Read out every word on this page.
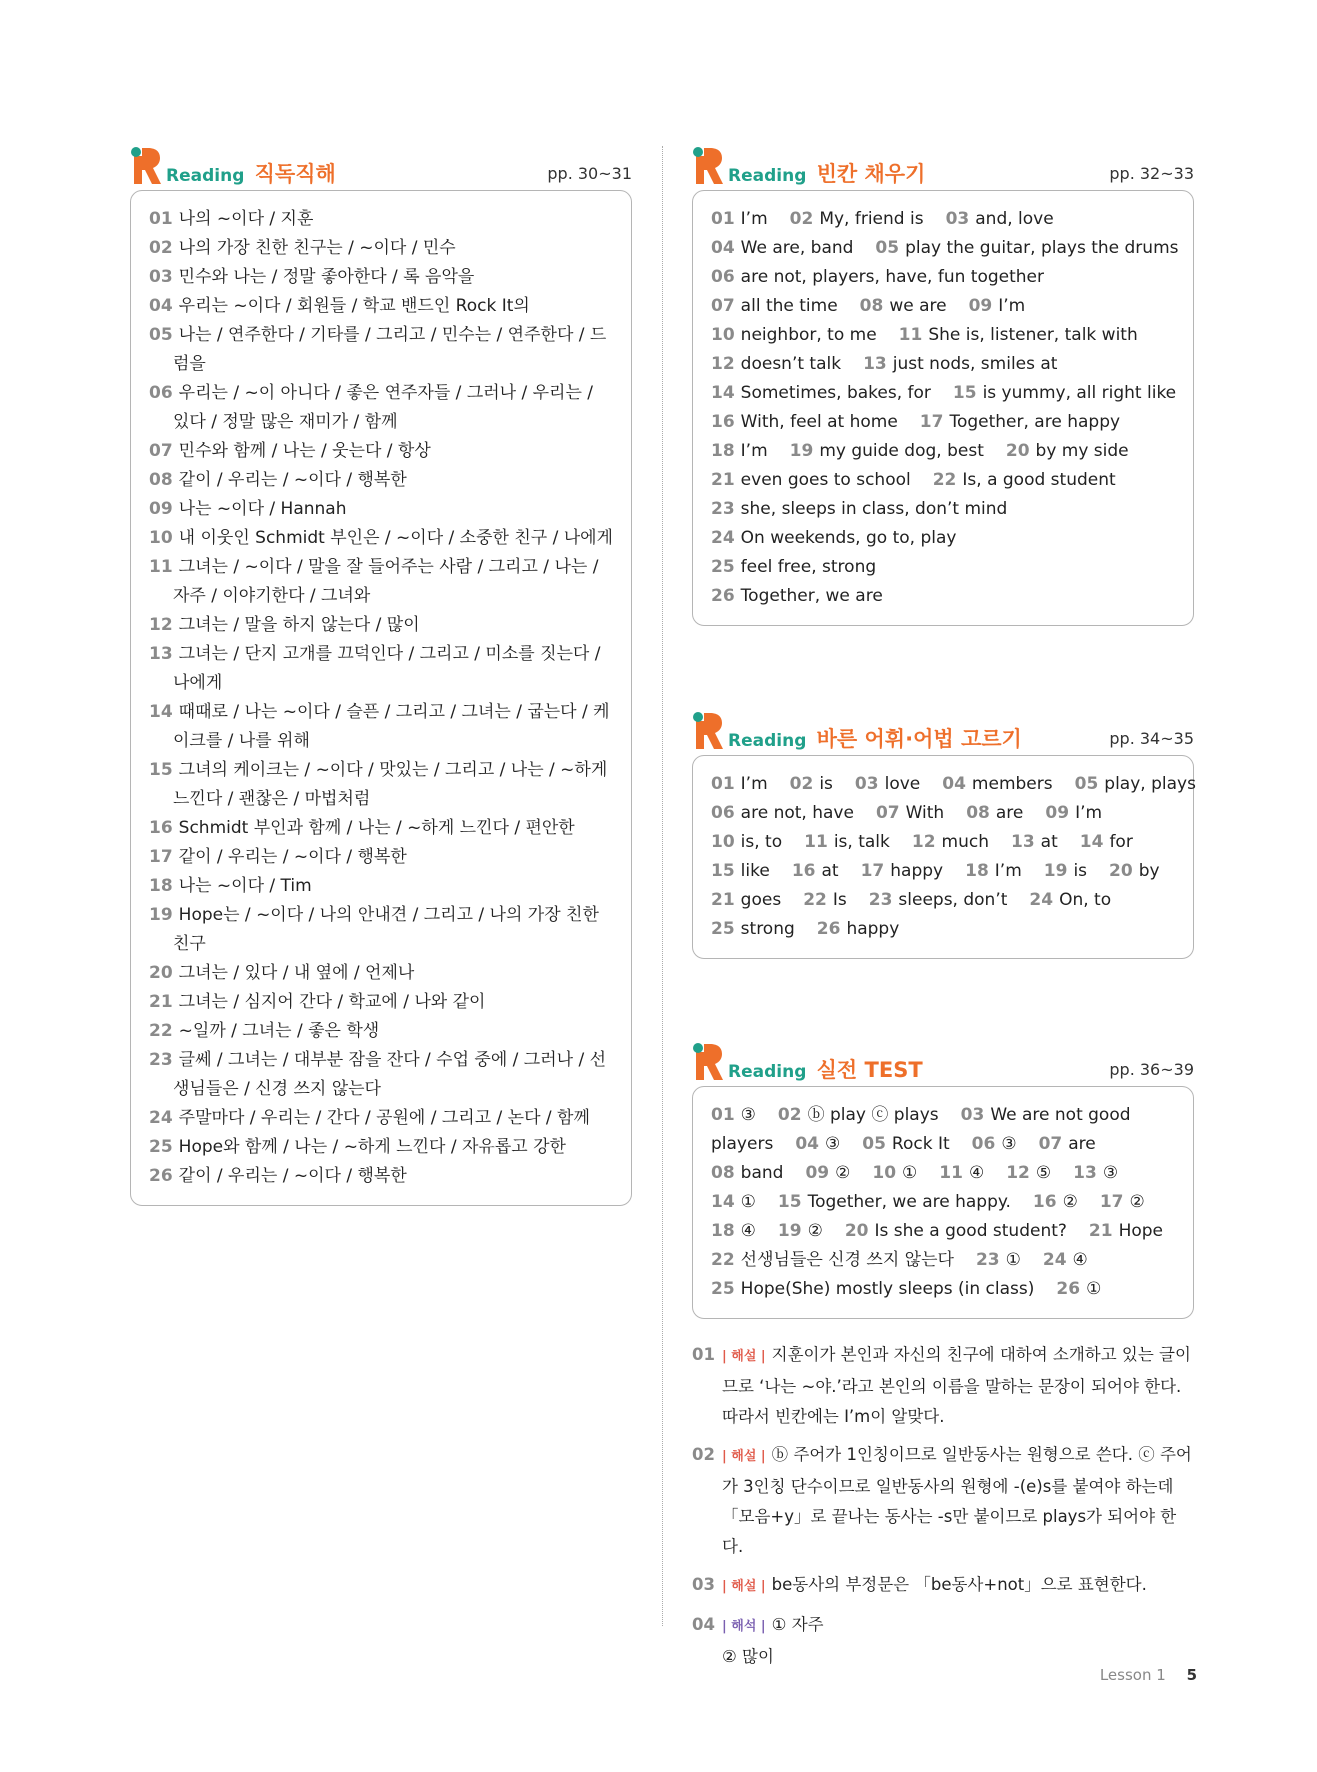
Reading 직독직해	pp. 30~31
01 나의 ~이다 / 지훈
02 나의 가장 친한 친구는 / ~이다 / 민수
03 민수와 나는 / 정말 좋아한다 / 록 음악을
04 우리는 ~이다 / 회원들 / 학교 밴드인 Rock It의
05 나는 / 연주한다 / 기타를 / 그리고 / 민수는 / 연주한다 / 드럼을
06 우리는 / ~이 아니다 / 좋은 연주자들 / 그러나 / 우리는 / 있다 / 정말 많은 재미가 / 함께
07 민수와 함께 / 나는 / 웃는다 / 항상
08 같이 / 우리는 / ~이다 / 행복한
09 나는 ~이다 / Hannah
10 내 이웃인 Schmidt 부인은 / ~이다 / 소중한 친구 / 나에게
11 그녀는 / ~이다 / 말을 잘 들어주는 사람 / 그리고 / 나는 / 자주 / 이야기한다 / 그녀와
12 그녀는 / 말을 하지 않는다 / 많이
13 그녀는 / 단지 고개를 끄덕인다 / 그리고 / 미소를 짓는다 / 나에게
14 때때로 / 나는 ~이다 / 슬픈 / 그리고 / 그녀는 / 굽는다 / 케이크를 / 나를 위해
15 그녀의 케이크는 / ~이다 / 맛있는 / 그리고 / 나는 / ~하게 느낀다 / 괜찮은 / 마법처럼
16 Schmidt 부인과 함께 / 나는 / ~하게 느낀다 / 편안한
17 같이 / 우리는 / ~이다 / 행복한
18 나는 ~이다 / Tim
19 Hope는 / ~이다 / 나의 안내견 / 그리고 / 나의 가장 친한 친구
20 그녀는 / 있다 / 내 옆에 / 언제나
21 그녀는 / 심지어 간다 / 학교에 / 나와 같이
22 ~일까 / 그녀는 / 좋은 학생
23 글쎄 / 그녀는 / 대부분 잠을 잔다 / 수업 중에 / 그러나 / 선생님들은 / 신경 쓰지 않는다
24 주말마다 / 우리는 / 간다 / 공원에 / 그리고 / 논다 / 함께
25 Hope와 함께 / 나는 / ~하게 느낀다 / 자유롭고 강한
26 같이 / 우리는 / ~이다 / 행복한
Reading 빈칸 채우기	pp. 32~33
01 I’m 02 My, friend is 03 and, love
04 We are, band 05 play the guitar, plays the drums
06 are not, players, have, fun together
07 all the time 08 we are 09 I’m
10 neighbor, to me 11 She is, listener, talk with
12 doesn’t talk 13 just nods, smiles at
14 Sometimes, bakes, for 15 is yummy, all right like
16 With, feel at home 17 Together, are happy
18 I’m 19 my guide dog, best 20 by my side
21 even goes to school 22 Is, a good student
23 she, sleeps in class, don’t mind
24 On weekends, go to, play
25 feel free, strong
26 Together, we are
Reading 바른 어휘·어법 고르기	pp. 34~35
01 I’m 02 is 03 love 04 members 05 play, plays
06 are not, have 07 With 08 are 09 I’m
10 is, to 11 is, talk 12 much 13 at 14 for
15 like 16 at 17 happy 18 I’m 19 is 20 by
21 goes 22 Is 23 sleeps, don’t 24 On, to
25 strong 26 happy
Reading 실전 TEST	pp. 36~39
01 ③ 02 ⓑ play ⓒ plays 03 We are not good
players 04 ③ 05 Rock It 06 ③ 07 are
08 band 09 ② 10 ① 11 ④ 12 ⑤ 13 ③
14 ① 15 Together, we are happy. 16 ② 17 ②
18 ④ 19 ② 20 Is she a good student? 21 Hope
22 선생님들은 신경 쓰지 않는다 23 ① 24 ④
25 Hope(She) mostly sleeps (in class) 26 ①
01 | 해설 | 지훈이가 본인과 자신의 친구에 대하여 소개하고 있는 글이므로 ‘나는 ~야.’라고 본인의 이름을 말하는 문장이 되어야 한다. 따라서 빈칸에는 I’m이 알맞다.
02 | 해설 | ⓑ 주어가 1인칭이므로 일반동사는 원형으로 쓴다. ⓒ 주어가 3인칭 단수이므로 일반동사의 원형에 -(e)s를 붙여야 하는데 「모음+y」로 끝나는 동사는 -s만 붙이므로 plays가 되어야 한다.
03 | 해설 | be동사의 부정문은 「be동사+not」으로 표현한다.
04 | 해석 | ① 자주
② 많이
Lesson 1 5
